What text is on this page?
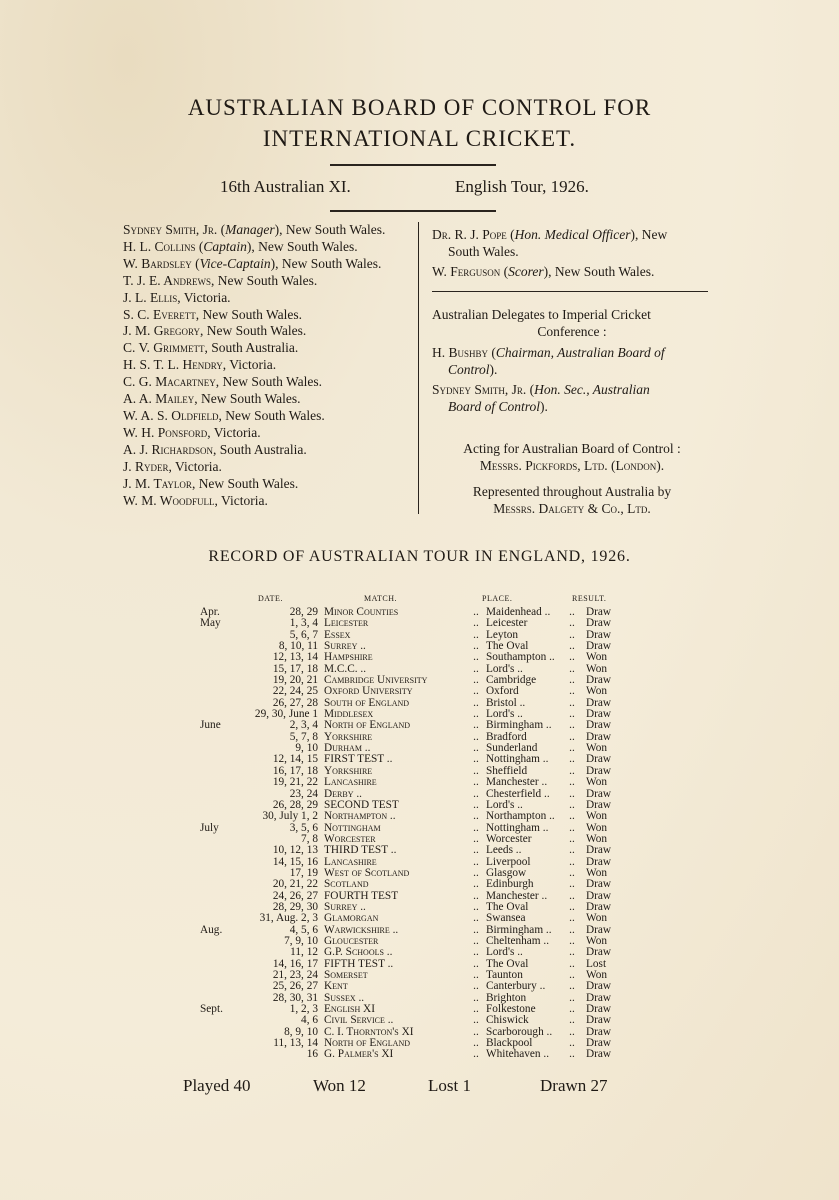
AUSTRALIAN BOARD OF CONTROL FOR
INTERNATIONAL CRICKET.
16th Australian XI.	English Tour, 1926.
Sydney Smith, Jr. (Manager), New South Wales.
H. L. Collins (Captain), New South Wales.
W. Bardsley (Vice-Captain), New South Wales.
T. J. E. Andrews, New South Wales.
J. L. Ellis, Victoria.
S. C. Everett, New South Wales.
J. M. Gregory, New South Wales.
C. V. Grimmett, South Australia.
H. S. T. L. Hendry, Victoria.
C. G. Macartney, New South Wales.
A. A. Mailey, New South Wales.
W. A. S. Oldfield, New South Wales.
W. H. Ponsford, Victoria.
A. J. Richardson, South Australia.
J. Ryder, Victoria.
J. M. Taylor, New South Wales.
W. M. Woodfull, Victoria.
Dr. R. J. Pope (Hon. Medical Officer), New
South Wales.
W. Ferguson (Scorer), New South Wales.
Australian Delegates to Imperial Cricket
Conference :
H. Bushby (Chairman, Australian Board of
Control).
Sydney Smith, Jr. (Hon. Sec., Australian
Board of Control).
Acting for Australian Board of Control :
Messrs. Pickfords, Ltd. (London).
Represented throughout Australia by
Messrs. Dalgety & Co., Ltd.
RECORD OF AUSTRALIAN TOUR IN ENGLAND, 1926.
DATE.	MATCH.	PLACE.	RESULT.
Apr.	28, 29	Minor Counties	..	Maidenhead ..	..	Draw
May	1, 3, 4	Leicester	..	Leicester	..	Draw
	5, 6, 7	Essex	..	Leyton	..	Draw
	8, 10, 11	Surrey ..	..	The Oval	..	Draw
	12, 13, 14	Hampshire	..	Southampton ..	..	Won
	15, 17, 18	M.C.C. ..	..	Lord's ..	..	Won
	19, 20, 21	Cambridge University	..	Cambridge	..	Draw
	22, 24, 25	Oxford University	..	Oxford	..	Won
	26, 27, 28	South of England	..	Bristol ..	..	Draw
	29, 30, June 1	Middlesex	..	Lord's ..	..	Draw
June	2, 3, 4	North of England	..	Birmingham ..	..	Draw
	5, 7, 8	Yorkshire	..	Bradford	..	Draw
	9, 10	Durham ..	..	Sunderland	..	Won
	12, 14, 15	FIRST TEST ..	..	Nottingham ..	..	Draw
	16, 17, 18	Yorkshire	..	Sheffield	..	Draw
	19, 21, 22	Lancashire	..	Manchester ..	..	Won
	23, 24	Derby ..	..	Chesterfield ..	..	Draw
	26, 28, 29	SECOND TEST	..	Lord's ..	..	Draw
	30, July 1, 2	Northampton ..	..	Northampton ..	..	Won
July	3, 5, 6	Nottingham	..	Nottingham ..	..	Won
	7, 8	Worcester	..	Worcester	..	Won
	10, 12, 13	THIRD TEST ..	..	Leeds ..	..	Draw
	14, 15, 16	Lancashire	..	Liverpool	..	Draw
	17, 19	West of Scotland	..	Glasgow	..	Won
	20, 21, 22	Scotland	..	Edinburgh	..	Draw
	24, 26, 27	FOURTH TEST	..	Manchester ..	..	Draw
	28, 29, 30	Surrey ..	..	The Oval	..	Draw
	31, Aug. 2, 3	Glamorgan	..	Swansea	..	Won
Aug.	4, 5, 6	Warwickshire ..	..	Birmingham ..	..	Draw
	7, 9, 10	Gloucester	..	Cheltenham ..	..	Won
	11, 12	G.P. Schools ..	..	Lord's ..	..	Draw
	14, 16, 17	FIFTH TEST ..	..	The Oval	..	Lost
	21, 23, 24	Somerset	..	Taunton	..	Won
	25, 26, 27	Kent	..	Canterbury ..	..	Draw
	28, 30, 31	Sussex ..	..	Brighton	..	Draw
Sept.	1, 2, 3	English XI	..	Folkestone	..	Draw
	4, 6	Civil Service ..	..	Chiswick	..	Draw
	8, 9, 10	C. I. Thornton's XI	..	Scarborough ..	..	Draw
	11, 13, 14	North of England	..	Blackpool	..	Draw
	16	G. Palmer's XI	..	Whitehaven ..	..	Draw
Played 40	Won 12	Lost 1	Drawn 27
